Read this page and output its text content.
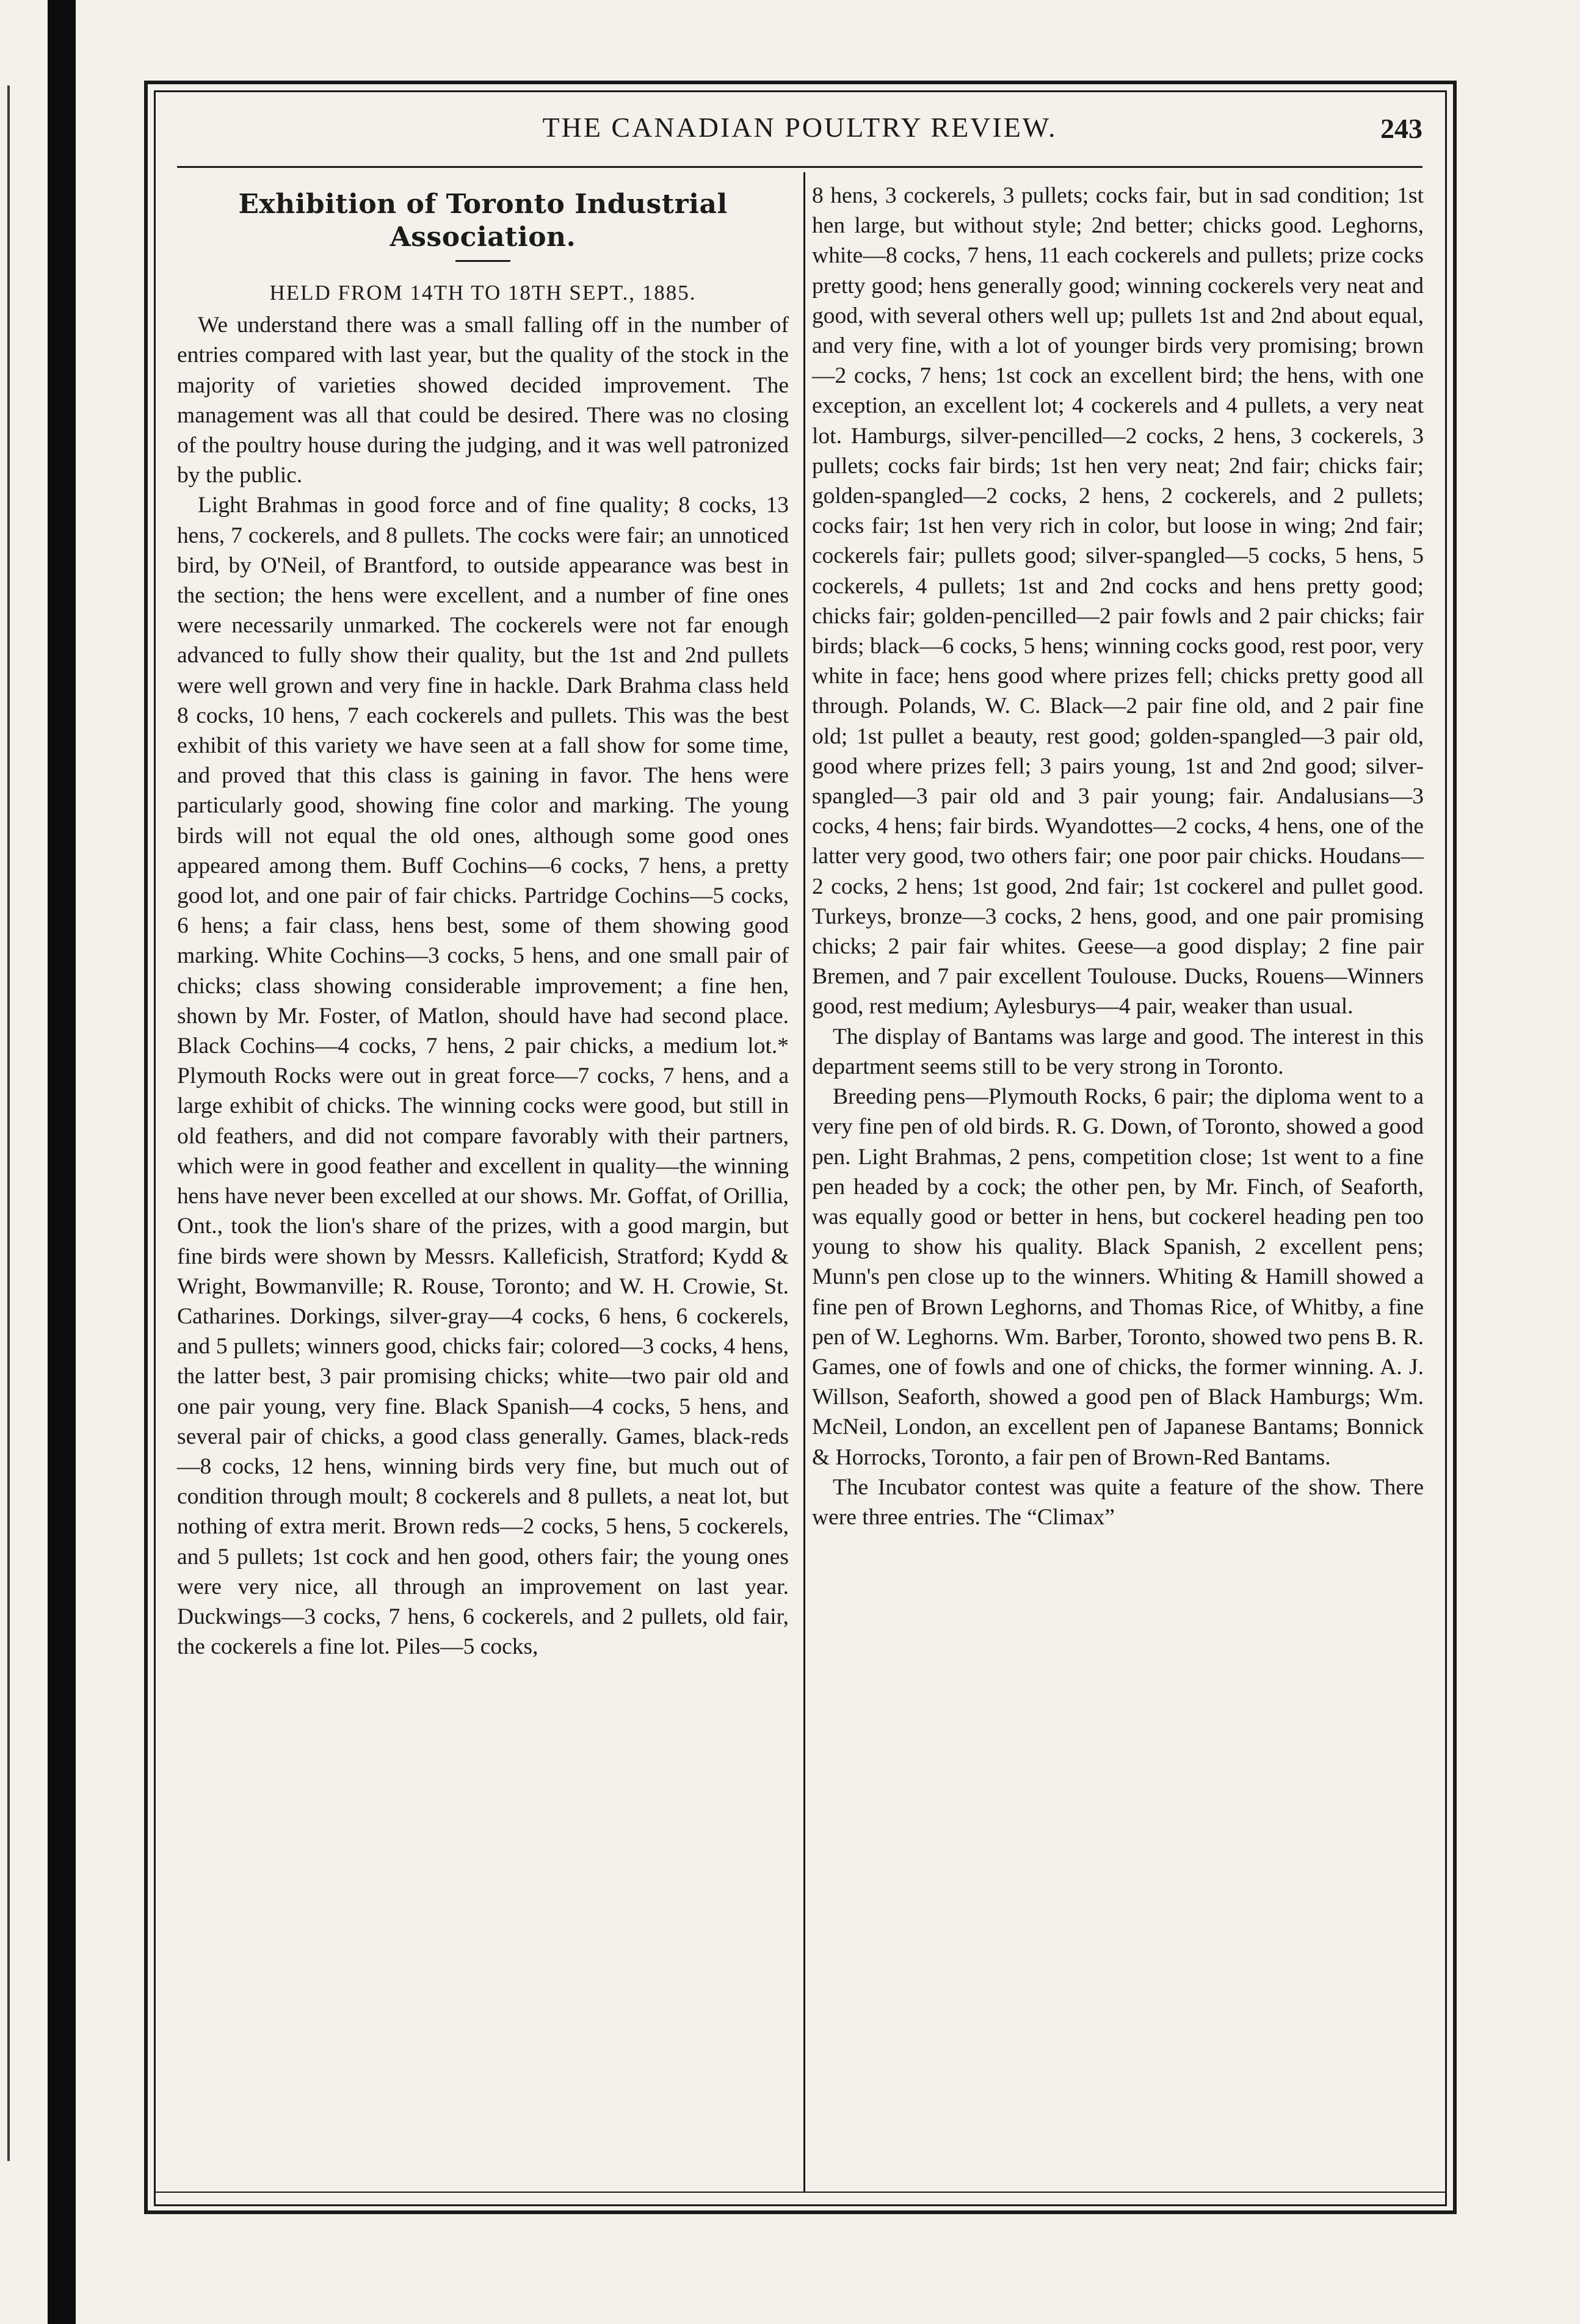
THE CANADIAN POULTRY REVIEW.	243
Exhibition of Toronto Industrial Association.

HELD FROM 14TH TO 18TH SEPT., 1885.

We understand there was a small falling off in the number of entries compared with last year, but the quality of the stock in the majority of varieties showed decided improvement. The management was all that could be desired. There was no closing of the poultry house during the judging, and it was well patronized by the public.

Light Brahmas in good force and of fine quality; 8 cocks, 13 hens, 7 cockerels, and 8 pullets. The cocks were fair; an unnoticed bird, by O'Neil, of Brantford, to outside appearance was best in the section; the hens were excellent, and a number of fine ones were necessarily unmarked. The cockerels were not far enough advanced to fully show their quality, but the 1st and 2nd pullets were well grown and very fine in hackle. Dark Brahma class held 8 cocks, 10 hens, 7 each cockerels and pullets. This was the best exhibit of this variety we have seen at a fall show for some time, and proved that this class is gaining in favor. The hens were particularly good, showing fine color and marking. The young birds will not equal the old ones, although some good ones appeared among them. Buff Cochins—6 cocks, 7 hens, a pretty good lot, and one pair of fair chicks. Partridge Cochins—5 cocks, 6 hens; a fair class, hens best, some of them showing good marking. White Cochins—3 cocks, 5 hens, and one small pair of chicks; class showing considerable improvement; a fine hen, shown by Mr. Foster, of Matlon, should have had second place. Black Cochins—4 cocks, 7 hens, 2 pair chicks, a medium lot.* Plymouth Rocks were out in great force—7 cocks, 7 hens, and a large exhibit of chicks. The winning cocks were good, but still in old feathers, and did not compare favorably with their partners, which were in good feather and excellent in quality—the winning hens have never been excelled at our shows. Mr. Goffat, of Orillia, Ont., took the lion's share of the prizes, with a good margin, but fine birds were shown by Messrs. Kalleficish, Stratford; Kydd & Wright, Bowmanville; R. Rouse, Toronto; and W. H. Crowie, St. Catharines. Dorkings, silver-gray—4 cocks, 6 hens, 6 cockerels, and 5 pullets; winners good, chicks fair; colored—3 cocks, 4 hens, the latter best, 3 pair promising chicks; white—two pair old and one pair young, very fine. Black Spanish—4 cocks, 5 hens, and several pair of chicks, a good class generally. Games, black-reds—8 cocks, 12 hens, winning birds very fine, but much out of condition through moult; 8 cockerels and 8 pullets, a neat lot, but nothing of extra merit. Brown reds—2 cocks, 5 hens, 5 cockerels, and 5 pullets; 1st cock and hen good, others fair; the young ones were very nice, all through an improvement on last year. Duckwings—3 cocks, 7 hens, 6 cockerels, and 2 pullets, old fair, the cockerels a fine lot. Piles—5 cocks,

8 hens, 3 cockerels, 3 pullets; cocks fair, but in sad condition; 1st hen large, but without style; 2nd better; chicks good. Leghorns, white—8 cocks, 7 hens, 11 each cockerels and pullets; prize cocks pretty good; hens generally good; winning cockerels very neat and good, with several others well up; pullets 1st and 2nd about equal, and very fine, with a lot of younger birds very promising; brown—2 cocks, 7 hens; 1st cock an excellent bird; the hens, with one exception, an excellent lot; 4 cockerels and 4 pullets, a very neat lot. Hamburgs, silver-pencilled—2 cocks, 2 hens, 3 cockerels, 3 pullets; cocks fair birds; 1st hen very neat; 2nd fair; chicks fair; golden-spangled—2 cocks, 2 hens, 2 cockerels, and 2 pullets; cocks fair; 1st hen very rich in color, but loose in wing; 2nd fair; cockerels fair; pullets good; silver-spangled—5 cocks, 5 hens, 5 cockerels, 4 pullets; 1st and 2nd cocks and hens pretty good; chicks fair; golden-pencilled—2 pair fowls and 2 pair chicks; fair birds; black—6 cocks, 5 hens; winning cocks good, rest poor, very white in face; hens good where prizes fell; chicks pretty good all through. Polands, W. C. Black—2 pair fine old, and 2 pair fine old; 1st pullet a beauty, rest good; golden-spangled—3 pair old, good where prizes fell; 3 pairs young, 1st and 2nd good; silver-spangled—3 pair old and 3 pair young; fair. Andalusians—3 cocks, 4 hens; fair birds. Wyandottes—2 cocks, 4 hens, one of the latter very good, two others fair; one poor pair chicks. Houdans—2 cocks, 2 hens; 1st good, 2nd fair; 1st cockerel and pullet good. Turkeys, bronze—3 cocks, 2 hens, good, and one pair promising chicks; 2 pair fair whites. Geese—a good display; 2 fine pair Bremen, and 7 pair excellent Toulouse. Ducks, Rouens—Winners good, rest medium; Aylesburys—4 pair, weaker than usual.

The display of Bantams was large and good. The interest in this department seems still to be very strong in Toronto.

Breeding pens—Plymouth Rocks, 6 pair; the diploma went to a very fine pen of old birds. R. G. Down, of Toronto, showed a good pen. Light Brahmas, 2 pens, competition close; 1st went to a fine pen headed by a cock; the other pen, by Mr. Finch, of Seaforth, was equally good or better in hens, but cockerel heading pen too young to show his quality. Black Spanish, 2 excellent pens; Munn's pen close up to the winners. Whiting & Hamill showed a fine pen of Brown Leghorns, and Thomas Rice, of Whitby, a fine pen of W. Leghorns. Wm. Barber, Toronto, showed two pens B. R. Games, one of fowls and one of chicks, the former winning. A. J. Willson, Seaforth, showed a good pen of Black Hamburgs; Wm. McNeil, London, an excellent pen of Japanese Bantams; Bonnick & Horrocks, Toronto, a fair pen of Brown-Red Bantams.

The Incubator contest was quite a feature of the show. There were three entries. The “Climax”
